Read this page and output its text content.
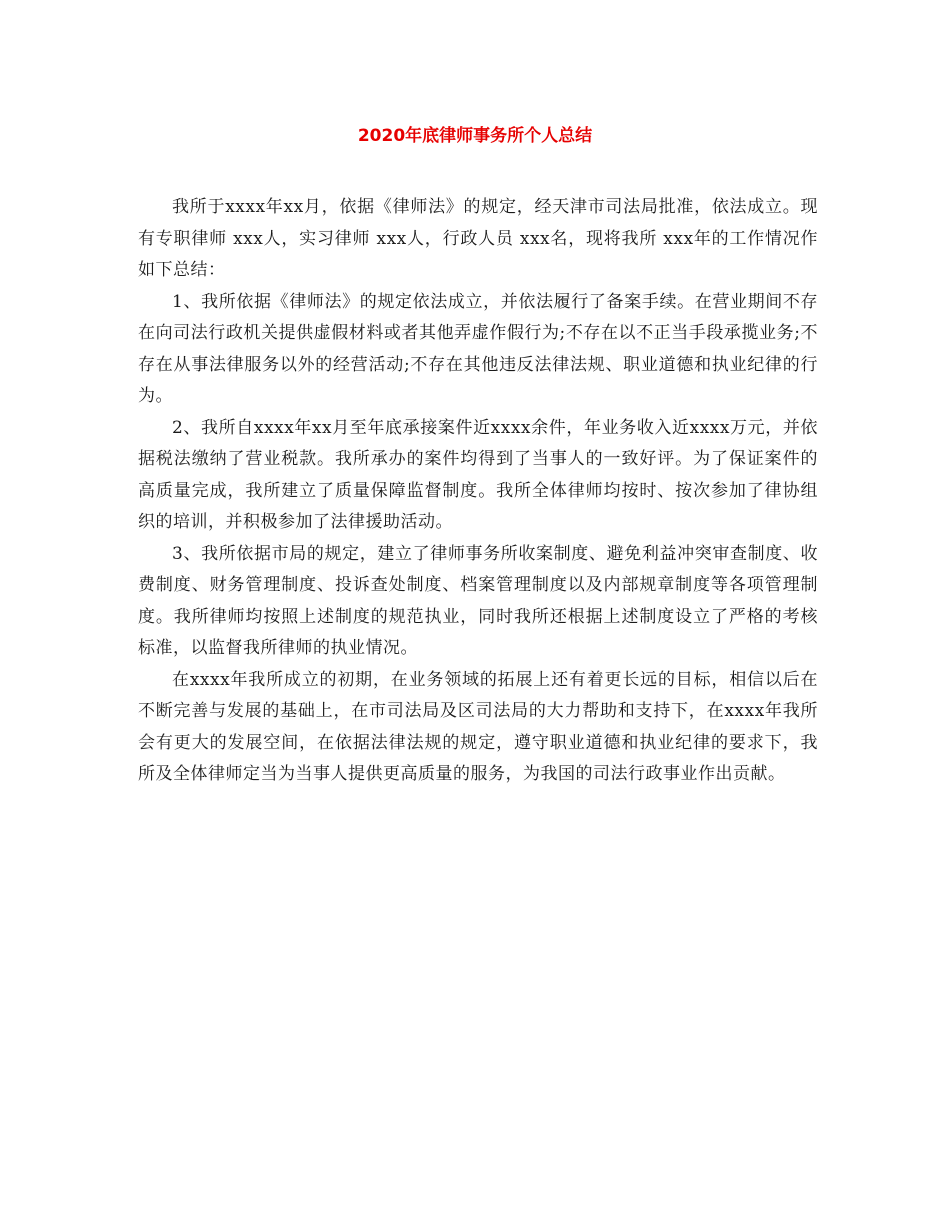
2020年底律师事务所个人总结

我所于xxxx年xx月，依据《律师法》的规定，经天津市司法局批准，依法成立。现有专职律师 xxx人，实习律师 xxx人，行政人员 xxx名，现将我所 xxx年的工作情况作如下总结：

1、我所依据《律师法》的规定依法成立，并依法履行了备案手续。在营业期间不存在向司法行政机关提供虚假材料或者其他弄虚作假行为;不存在以不正当手段承揽业务;不存在从事法律服务以外的经营活动;不存在其他违反法律法规、职业道德和执业纪律的行为。

2、我所自xxxx年xx月至年底承接案件近xxxx余件，年业务收入近xxxx万元，并依据税法缴纳了营业税款。我所承办的案件均得到了当事人的一致好评。为了保证案件的高质量完成，我所建立了质量保障监督制度。我所全体律师均按时、按次参加了律协组织的培训，并积极参加了法律援助活动。

3、我所依据市局的规定，建立了律师事务所收案制度、避免利益冲突审查制度、收费制度、财务管理制度、投诉查处制度、档案管理制度以及内部规章制度等各项管理制度。我所律师均按照上述制度的规范执业，同时我所还根据上述制度设立了严格的考核标准，以监督我所律师的执业情况。

在xxxx年我所成立的初期，在业务领域的拓展上还有着更长远的目标，相信以后在不断完善与发展的基础上，在市司法局及区司法局的大力帮助和支持下，在xxxx年我所会有更大的发展空间，在依据法律法规的规定，遵守职业道德和执业纪律的要求下，我所及全体律师定当为当事人提供更高质量的服务，为我国的司法行政事业作出贡献。
